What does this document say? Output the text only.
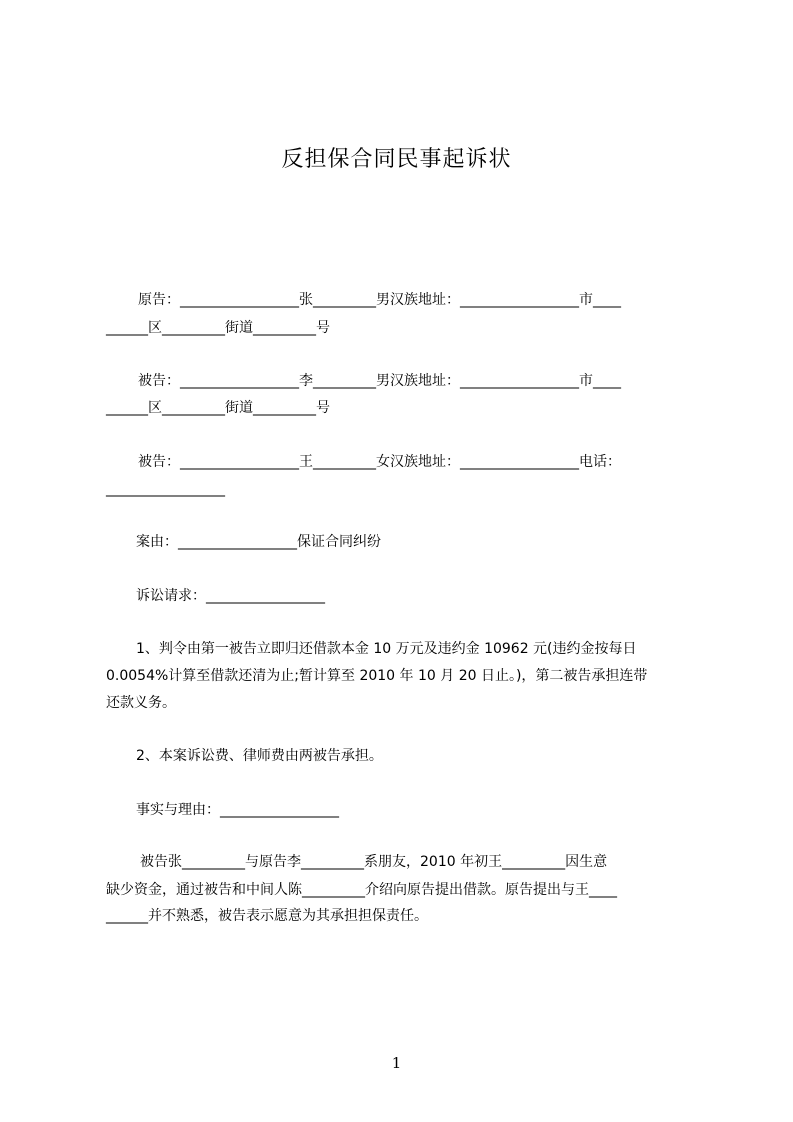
反担保合同民事起诉状
原告：_________________张_________男汉族地址：_________________市____
______区_________街道_________号
被告：_________________李_________男汉族地址：_________________市____
______区_________街道_________号
被告：_________________王_________女汉族地址：_________________电话：
_________________
案由：_________________保证合同纠纷
诉讼请求：_________________
1、判令由第一被告立即归还借款本金 10 万元及违约金 10962 元(违约金按每日
0.0054%计算至借款还清为止;暂计算至 2010 年 10 月 20 日止。)，第二被告承担连带
还款义务。
2、本案诉讼费、律师费由两被告承担。
事实与理由：_________________
被告张_________与原告李_________系朋友，2010 年初王_________因生意
缺少资金，通过被告和中间人陈_________介绍向原告提出借款。原告提出与王____
______并不熟悉，被告表示愿意为其承担担保责任。
1
